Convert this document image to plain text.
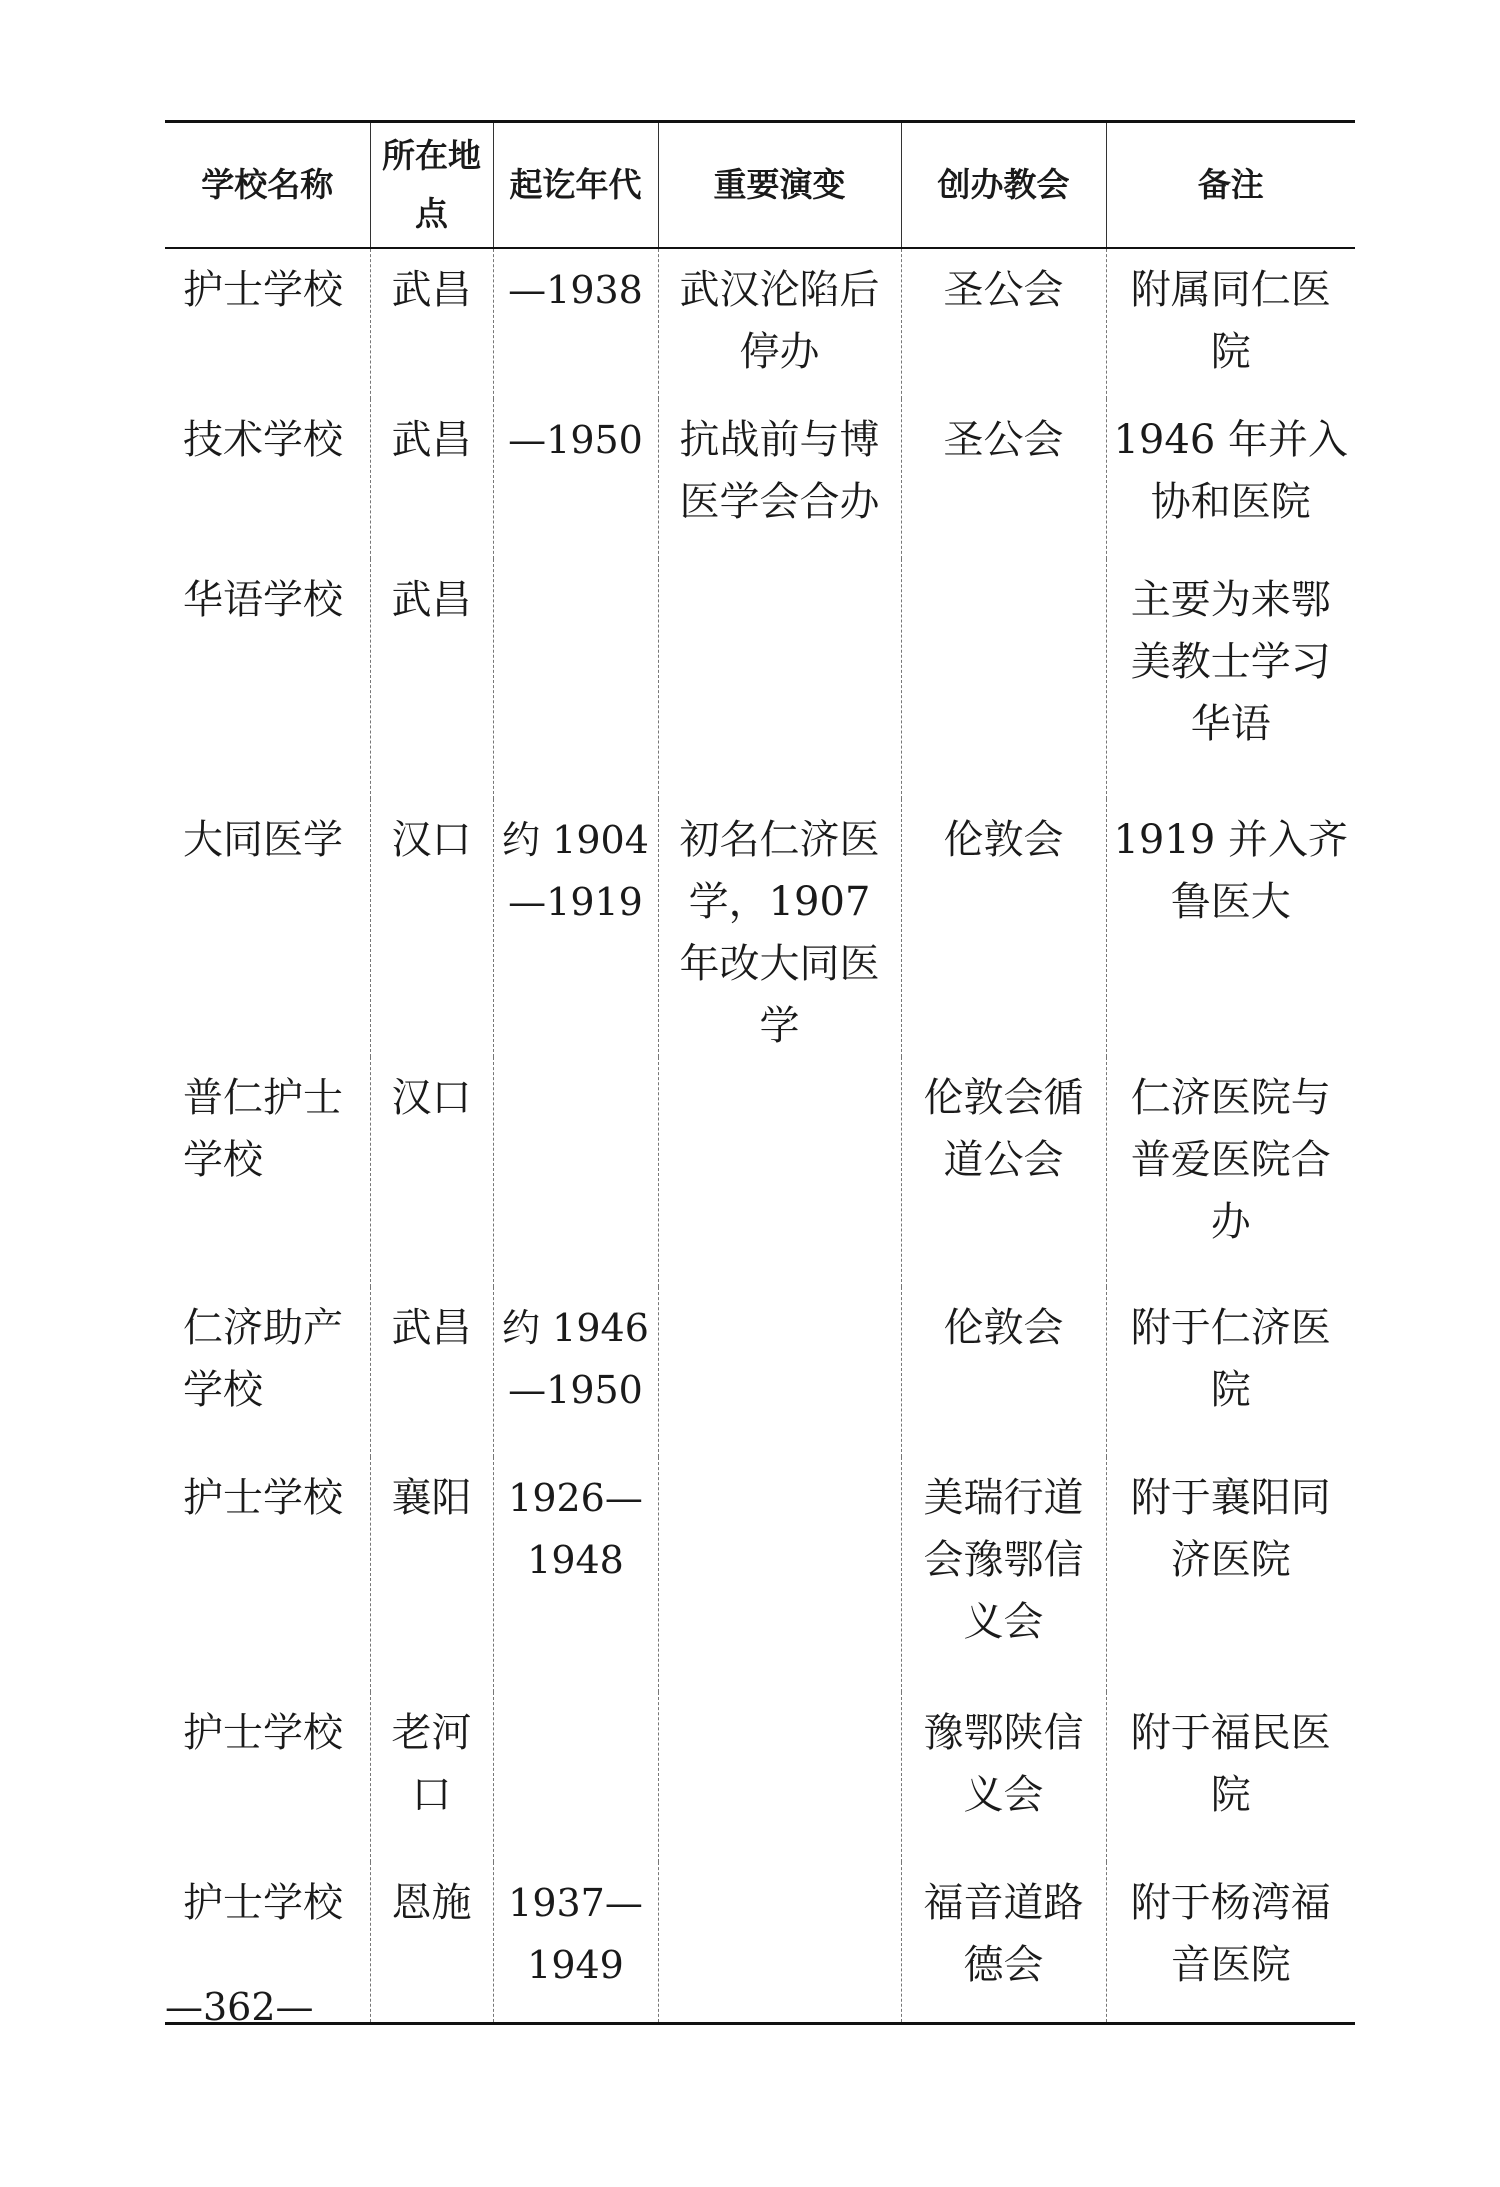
学校名称	所在地点	起讫年代	重要演变	创办教会	备注
护士学校	武昌	—1938	武汉沦陷后停办	圣公会	附属同仁医院
技术学校	武昌	—1950	抗战前与博医学会合办	圣公会	1946 年并入协和医院
华语学校	武昌				主要为来鄂美教士学习华语
大同医学	汉口	约 1904—1919	初名仁济医学，1907 年改大同医学	伦敦会	1919 并入齐鲁医大
普仁护士学校	汉口			伦敦会循道公会	仁济医院与普爱医院合办
仁济助产学校	武昌	约 1946—1950		伦敦会	附于仁济医院
护士学校	襄阳	1926—1948		美瑞行道会豫鄂信义会	附于襄阳同济医院
护士学校	老河口			豫鄂陕信义会	附于福民医院
护士学校	恩施	1937—1949		福音道路德会	附于杨湾福音医院
—362—
